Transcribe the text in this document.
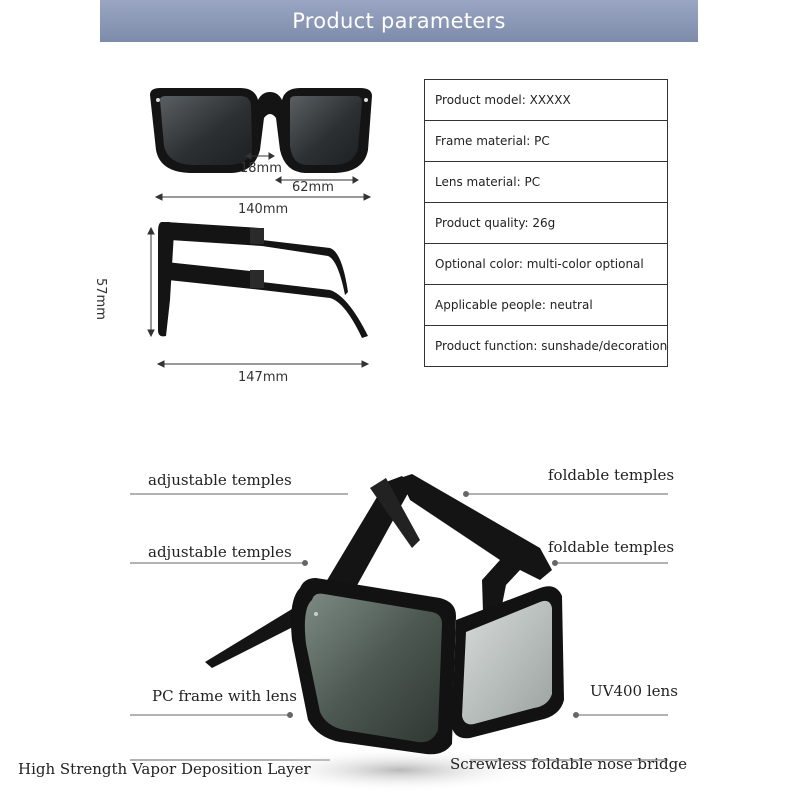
Product parameters
18mm
62mm
140mm
57mm
147mm
Product model: XXXXX
Frame material: PC
Lens material: PC
Product quality: 26g
Optional color: multi-color optional
Applicable people: neutral
Product function: sunshade/decoration
adjustable temples
adjustable temples
PC frame with lens
High Strength Vapor Deposition Layer
foldable temples
foldable temples
UV400 lens
Screwless foldable nose bridge
